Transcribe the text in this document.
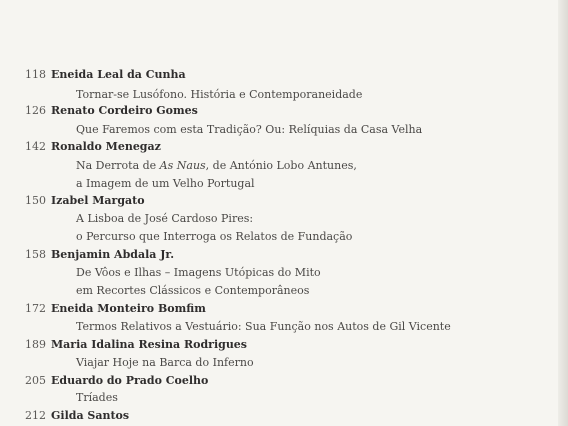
118 Eneida Leal da Cunha
Tornar-se Lusófono. História e Contemporaneidade
126 Renato Cordeiro Gomes
Que Faremos com esta Tradição? Ou: Relíquias da Casa Velha
142 Ronaldo Menegaz
Na Derrota de As Naus, de António Lobo Antunes,
a Imagem de um Velho Portugal
150 Izabel Margato
A Lisboa de José Cardoso Pires:
o Percurso que Interroga os Relatos de Fundação
158 Benjamin Abdala Jr.
De Vôos e Ilhas – Imagens Utópicas do Mito
em Recortes Clássicos e Contemporâneos
172 Eneida Monteiro Bomfim
Termos Relativos a Vestuário: Sua Função nos Autos de Gil Vicente
189 Maria Idalina Resina Rodrigues
Viajar Hoje na Barca do Inferno
205 Eduardo do Prado Coelho
Tríades
212 Gilda Santos
